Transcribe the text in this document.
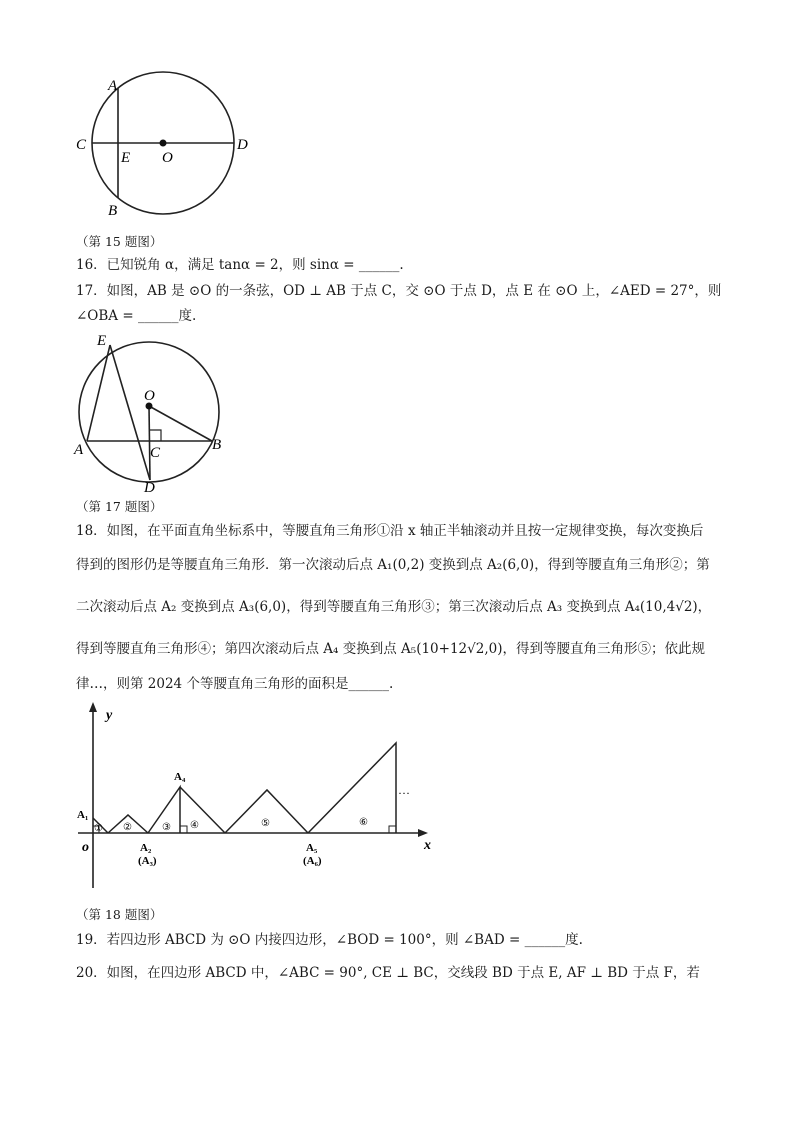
A
B
C	D
E O
（第 15 题图）
16．已知锐角 α，满足 tanα = 2，则 sinα = ______.
17．如图，AB 是 ⊙O 的一条弦，OD ⊥ AB 于点 C，交 ⊙O 于点 D，点 E 在 ⊙O 上，∠AED = 27°，则
∠OBA = ______度.
E
O
A	B
C
D
（第 17 题图）
18．如图，在平面直角坐标系中，等腰直角三角形①沿 x 轴正半轴滚动并且按一定规律变换，每次变换后
得到的图形仍是等腰直角三角形．第一次滚动后点 A₁(0,2) 变换到点 A₂(6,0)，得到等腰直角三角形②；第
二次滚动后点 A₂ 变换到点 A₃(6,0)，得到等腰直角三角形③；第三次滚动后点 A₃ 变换到点 A₄(10,4√2)，
得到等腰直角三角形④；第四次滚动后点 A₄ 变换到点 A₅(10+12√2,0)，得到等腰直角三角形⑤；依此规
律…，则第 2024 个等腰直角三角形的面积是______.
y
x
o
A₁
A₂
(A₃)
A₄
A₅
(A₆)
···
① ②	③ ④	⑤	⑥
（第 18 题图）
19．若四边形 ABCD 为 ⊙O 内接四边形，∠BOD = 100°，则 ∠BAD = ______度.
20．如图，在四边形 ABCD 中，∠ABC = 90°, CE ⊥ BC，交线段 BD 于点 E, AF ⊥ BD 于点 F，若
